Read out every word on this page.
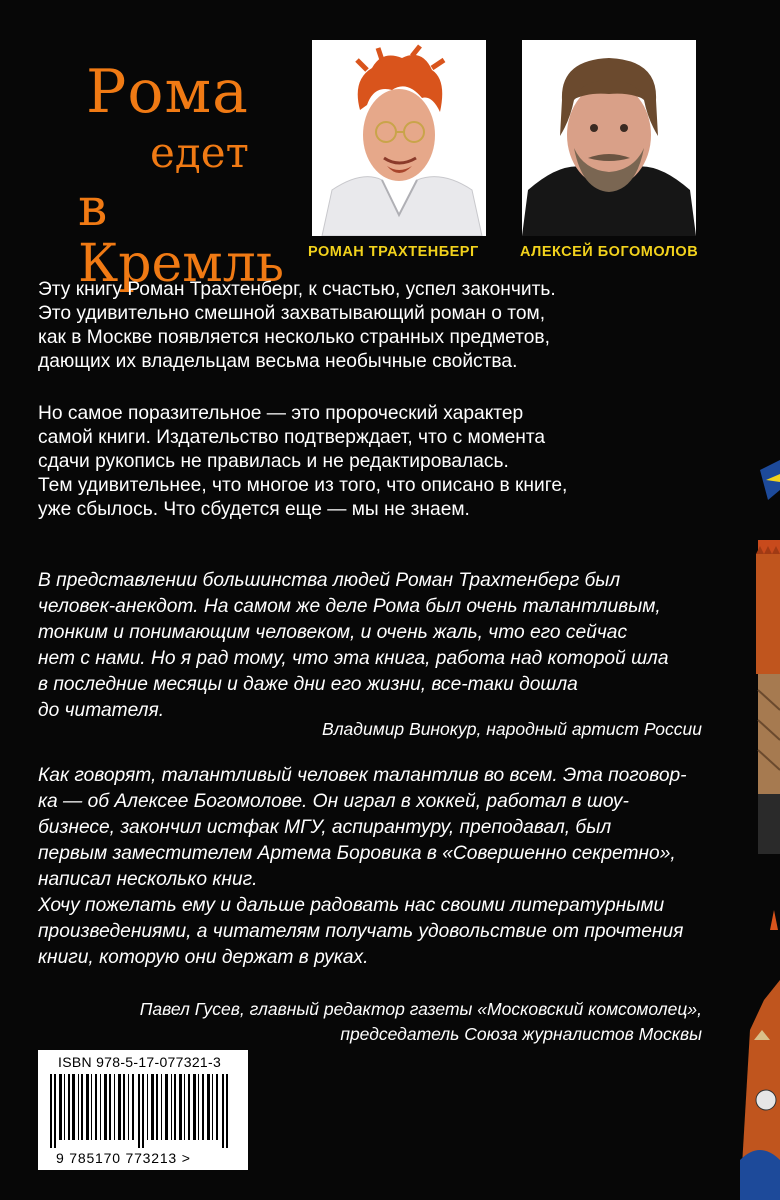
Рома
едет
в Кремль	РОМАН ТРАХТЕНБЕРГ	АЛЕКСЕЙ БОГОМОЛОВ
Эту книгу Роман Трахтенберг, к счастью, успел закончить.
Это удивительно смешной захватывающий роман о том,
как в Москве появляется несколько странных предметов,
дающих их владельцам весьма необычные свойства.
Но самое поразительное — это пророческий характер
самой книги. Издательство подтверждает, что с момента
сдачи рукопись не правилась и не редактировалась.
Тем удивительнее, что многое из того, что описано в книге,
уже сбылось. Что сбудется еще — мы не знаем.
В представлении большинства людей Роман Трахтенберг был
человек-анекдот. На самом же деле Рома был очень талантливым,
тонким и понимающим человеком, и очень жаль, что его сейчас
нет с нами. Но я рад тому, что эта книга, работа над которой шла
в последние месяцы и даже дни его жизни, все-таки дошла
до читателя.
Владимир Винокур, народный артист России
Как говорят, талантливый человек талантлив во всем. Эта поговор-
ка — об Алексее Богомолове. Он играл в хоккей, работал в шоу-
бизнесе, закончил истфак МГУ, аспирантуру, преподавал, был
первым заместителем Артема Боровика в «Совершенно секретно»,
написал несколько книг.
Хочу пожелать ему и дальше радовать нас своими литературными
произведениями, а читателям получать удовольствие от прочтения
книги, которую они держат в руках.
Павел Гусев, главный редактор газеты «Московский комсомолец»,
председатель Союза журналистов Москвы
ISBN 978-5-17-077321-3
9 785170 773213 >
